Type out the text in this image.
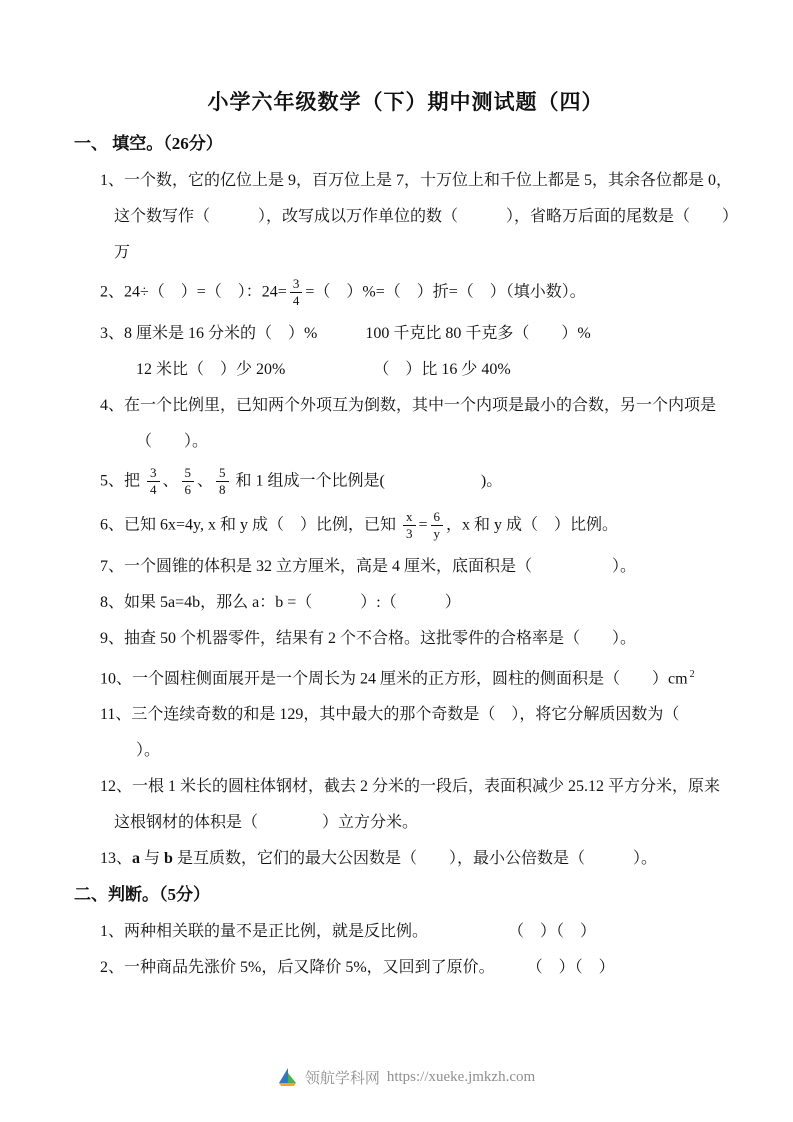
小学六年级数学（下）期中测试题（四）

一、 填空。（26分）

1、一个数，它的亿位上是 9，百万位上是 7，十万位上和千位上都是 5，其余各位都是 0，

这个数写作（　　　），改写成以万作单位的数（　　　），省略万后面的尾数是（　　）

万

2、24÷（　）=（　）：$24= \frac{3}{4}$ =（　）%=（　）折=（　）（填小数）。

3、8 厘米是 16 分米的（　）%　　　100 千克比 80 千克多（　　）%

12 米比（　）少 20%　　　　　　（　）比 16 少 40%

4、在一个比例里，已知两个外项互为倒数，其中一个内项是最小的合数，另一个内项是

（　　）。

5、把 $\frac{3}{4}$ 、 $\frac{5}{6}$ 、 $\frac{5}{8}$ 和 1 组成一个比例是(　　　　　　)。

6、已知 6x=4y, x 和 y 成（　）比例，已知 $\frac{x}{3} = \frac{6}{y}$ ，x 和 y 成（　）比例。

7、一个圆锥的体积是 32 立方厘米，高是 4 厘米，底面积是（　　　　　）。

8、如果 5a=4b，那么 a：b =（　　　）:（　　　）

9、抽查 50 个机器零件，结果有 2 个不合格。这批零件的合格率是（　　）。

10、一个圆柱侧面展开是一个周长为 24 厘米的正方形，圆柱的侧面积是（　　）cm $^2$

11、三个连续奇数的和是 129，其中最大的那个奇数是（　），将它分解质因数为（

）。

12、一根 1 米长的圆柱体钢材，截去 2 分米的一段后，表面积减少 25.12 平方分米，原来

这根钢材的体积是（　　　　）立方分米。

13、a 与 b 是互质数，它们的最大公因数是（　　），最小公倍数是（　　　）。

二、判断。（5分）

1、两种相关联的量不是正比例，就是反比例。　　　　　　（　）（　）

2、一种商品先涨价 5%，后又降价 5%，又回到了原价。　　　（　）（　）

领航学科网 https://xueke.jmkzh.com
